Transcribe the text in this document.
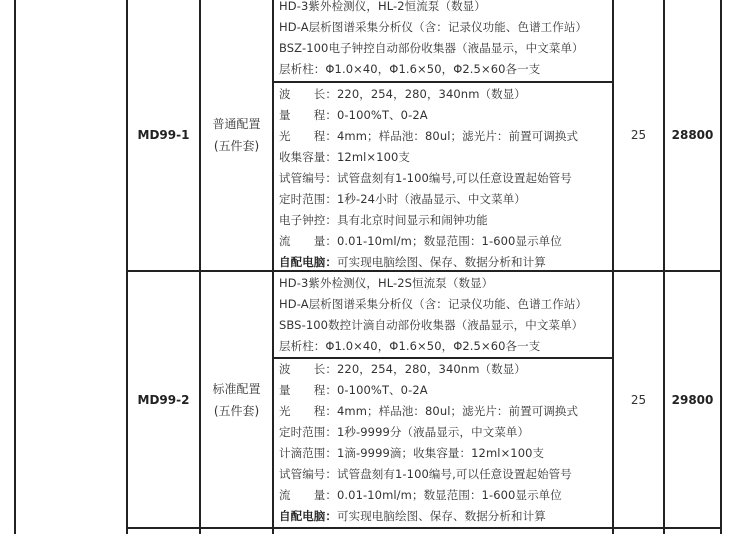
MD99-1
普通配置
(五件套)
25 28800
HD-3紫外检测仪，HL-2恒流泵（数显）
HD-A层析图谱采集分析仪（含：记录仪功能、色谱工作站）
BSZ-100电子钟控自动部份收集器（液晶显示，中文菜单）
层析柱：Φ1.0×40，Φ1.6×50，Φ2.5×60各一支
波　　长：220，254，280，340nm（数显）
量　　程：0-100%T、0-2A
光　　程：4mm；样品池：80ul；滤光片：前置可调换式
收集容量：12ml×100支
试管编号：试管盘刻有1-100编号,可以任意设置起始管号
定时范围：1秒-24小时（液晶显示、中文菜单）
电子钟控：具有北京时间显示和闹钟功能
流　　量：0.01-10ml/m；数显范围：1-600显示单位
自配电脑：可实现电脑绘图、保存、数据分析和计算
MD99-2
标准配置
(五件套)
25 29800
HD-3紫外检测仪，HL-2S恒流泵（数显）
HD-A层析图谱采集分析仪（含：记录仪功能、色谱工作站）
SBS-100数控计滴自动部份收集器（液晶显示，中文菜单）
层析柱：Φ1.0×40，Φ1.6×50，Φ2.5×60各一支
波　　长：220，254，280，340nm（数显）
量　　程：0-100%T、0-2A
光　　程：4mm；样品池：80ul；滤光片：前置可调换式
定时范围：1秒-9999分（液晶显示，中文菜单）
计滴范围：1滴-9999滴；收集容量：12ml×100支
试管编号：试管盘刻有1-100编号,可以任意设置起始管号
流　　量：0.01-10ml/m；数显范围：1-600显示单位
自配电脑：可实现电脑绘图、保存、数据分析和计算
